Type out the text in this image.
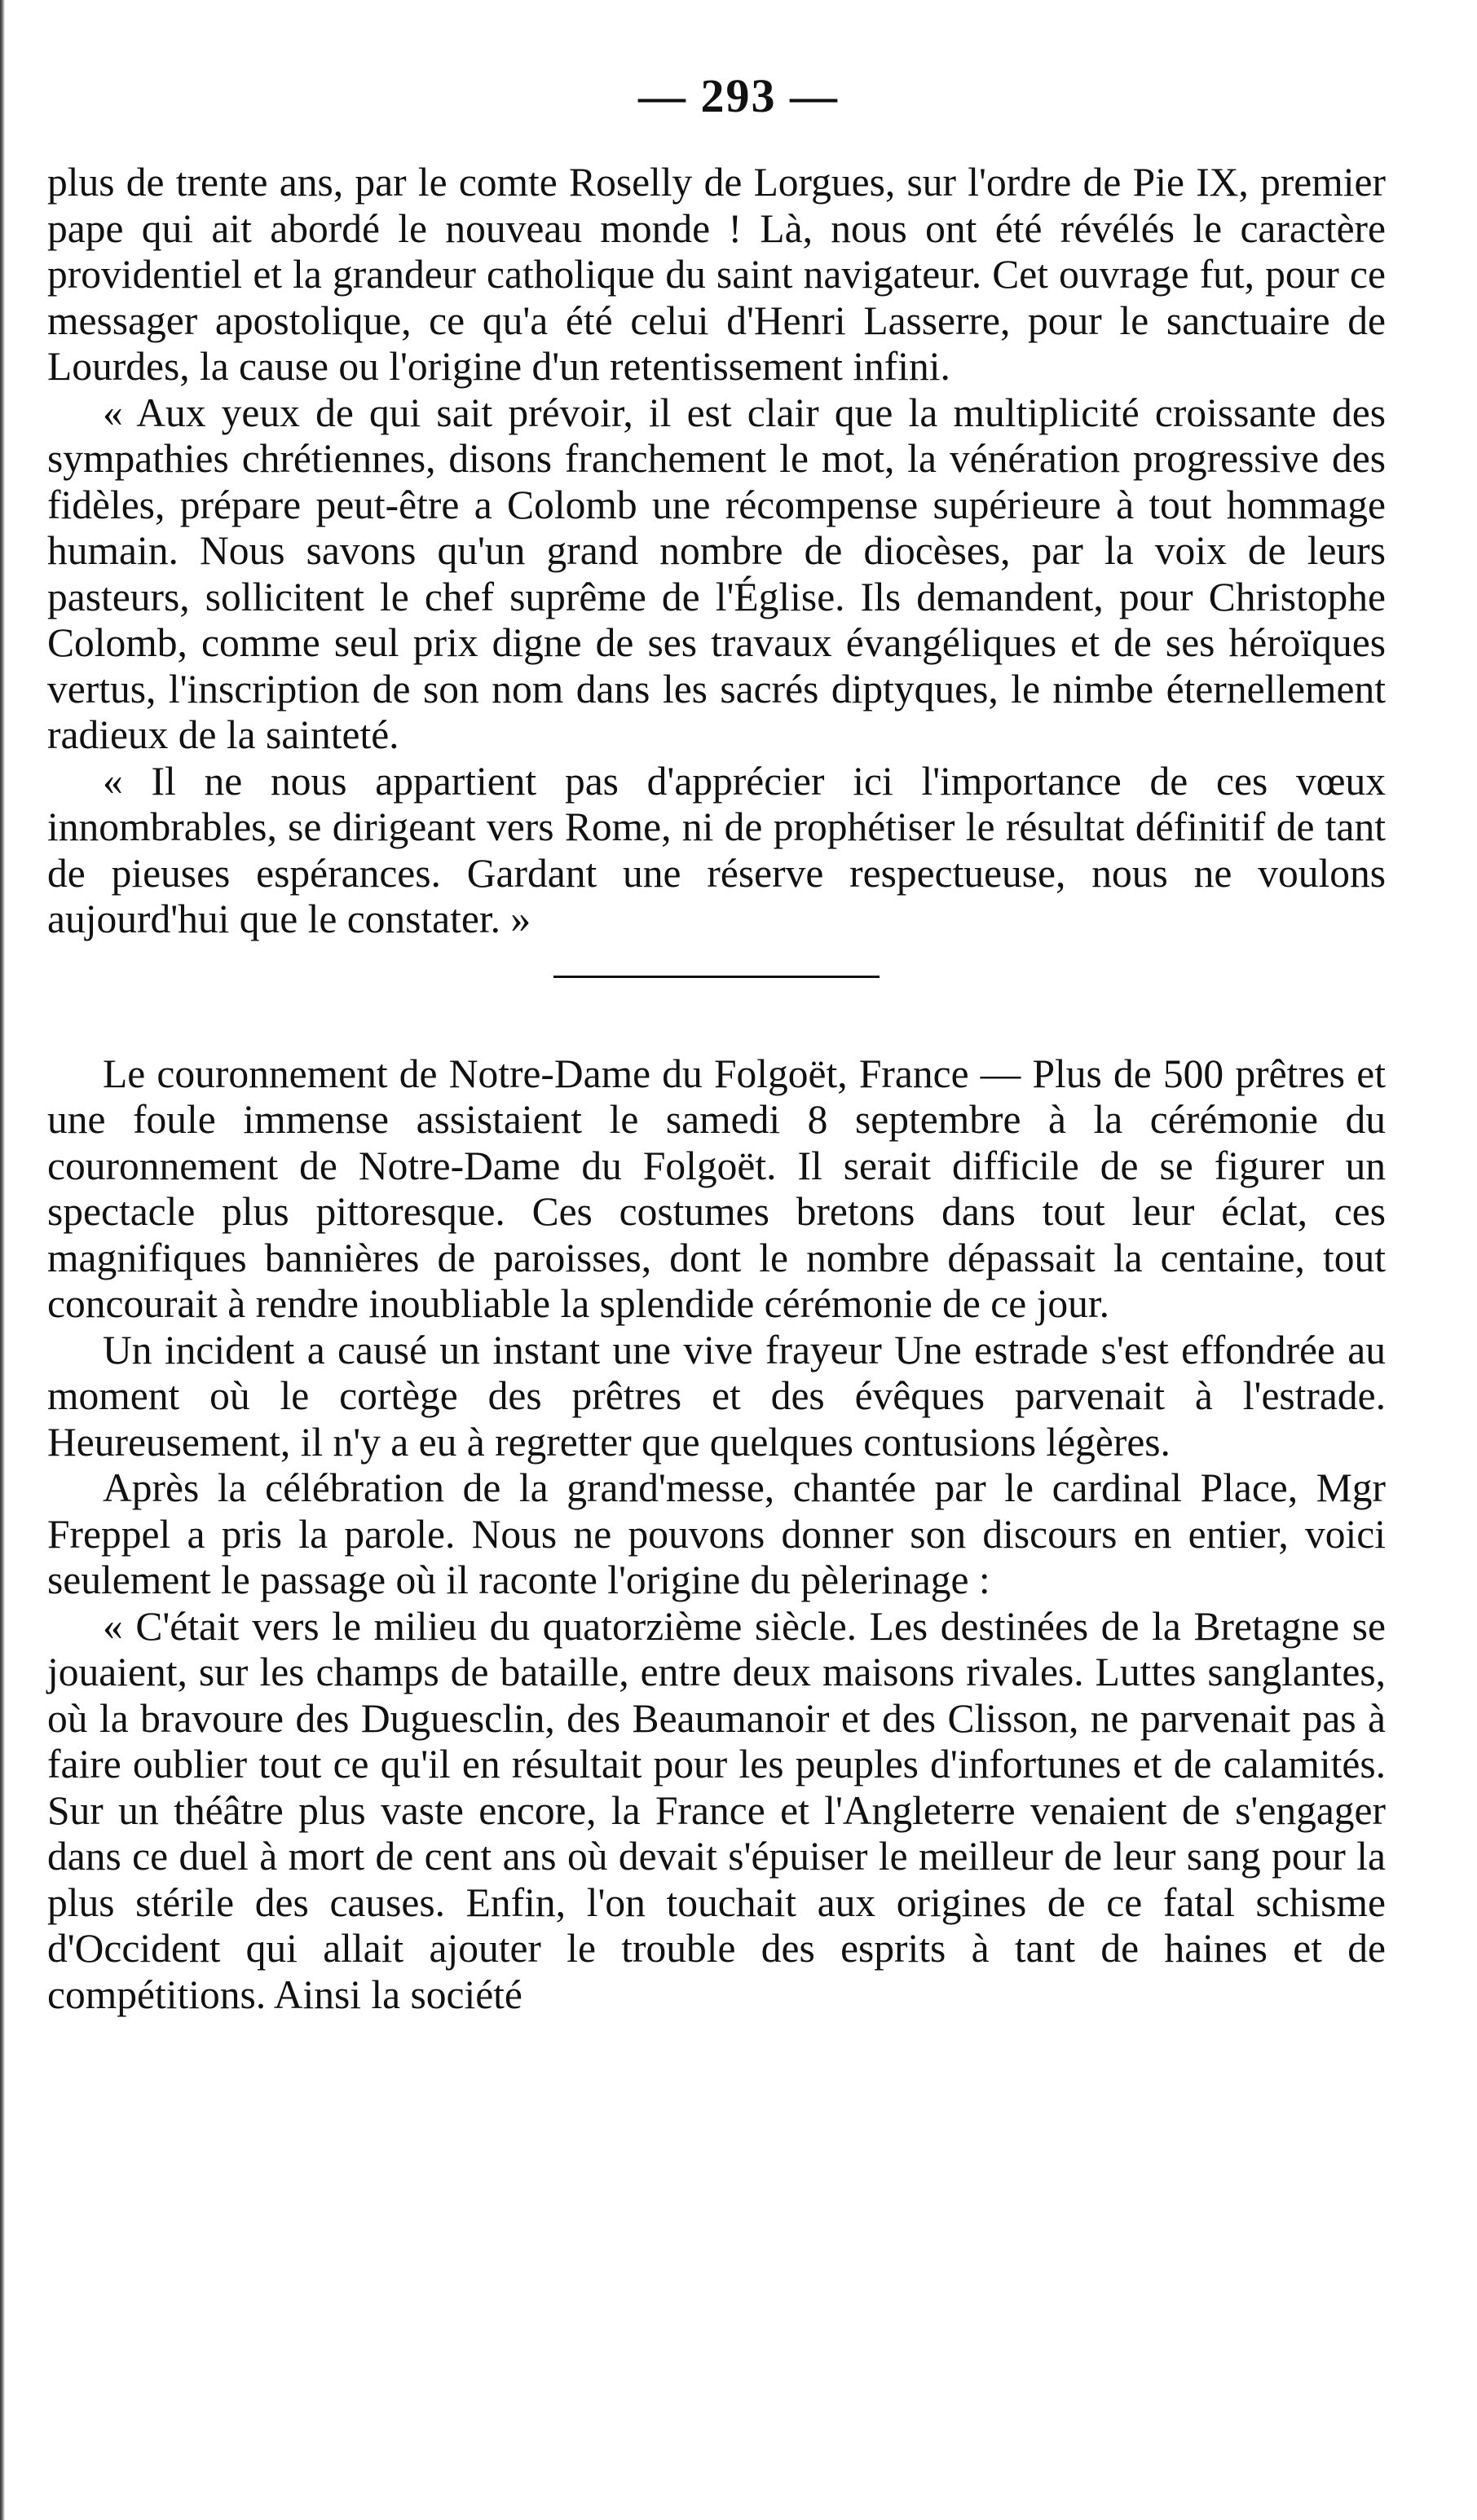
— 293 —

plus de trente ans, par le comte Roselly de Lorgues, sur l'ordre de Pie IX, premier pape qui ait abordé le nouveau monde ! Là, nous ont été révélés le caractère providentiel et la grandeur catholique du saint navigateur. Cet ouvrage fut, pour ce messager apostolique, ce qu'a été celui d'Henri Lasserre, pour le sanctuaire de Lourdes, la cause ou l'origine d'un retentissement infini.

« Aux yeux de qui sait prévoir, il est clair que la multiplicité croissante des sympathies chrétiennes, disons franchement le mot, la vénération progressive des fidèles, prépare peut-être a Colomb une récompense supérieure à tout hommage humain. Nous savons qu'un grand nombre de diocèses, par la voix de leurs pasteurs, sollicitent le chef suprême de l'Église. Ils demandent, pour Christophe Colomb, comme seul prix digne de ses travaux évangéliques et de ses héroïques vertus, l'inscription de son nom dans les sacrés diptyques, le nimbe éternellement radieux de la sainteté.

« Il ne nous appartient pas d'apprécier ici l'importance de ces vœux innombrables, se dirigeant vers Rome, ni de prophétiser le résultat définitif de tant de pieuses espérances. Gardant une réserve respectueuse, nous ne voulons aujourd'hui que le constater. »

Le couronnement de Notre-Dame du Folgoët, France — Plus de 500 prêtres et une foule immense assistaient le samedi 8 septembre à la cérémonie du couronnement de Notre-Dame du Folgoët. Il serait difficile de se figurer un spectacle plus pittoresque. Ces costumes bretons dans tout leur éclat, ces magnifiques bannières de paroisses, dont le nombre dépassait la centaine, tout concourait à rendre inoubliable la splendide cérémonie de ce jour.

Un incident a causé un instant une vive frayeur Une estrade s'est effondrée au moment où le cortège des prêtres et des évêques parvenait à l'estrade. Heureusement, il n'y a eu à regretter que quelques contusions légères.

Après la célébration de la grand'messe, chantée par le cardinal Place, Mgr Freppel a pris la parole. Nous ne pouvons donner son discours en entier, voici seulement le passage où il raconte l'origine du pèlerinage :

« C'était vers le milieu du quatorzième siècle. Les destinées de la Bretagne se jouaient, sur les champs de bataille, entre deux maisons rivales. Luttes sanglantes, où la bravoure des Duguesclin, des Beaumanoir et des Clisson, ne parvenait pas à faire oublier tout ce qu'il en résultait pour les peuples d'infortunes et de calamités. Sur un théâtre plus vaste encore, la France et l'Angleterre venaient de s'engager dans ce duel à mort de cent ans où devait s'épuiser le meilleur de leur sang pour la plus stérile des causes. Enfin, l'on touchait aux origines de ce fatal schisme d'Occident qui allait ajouter le trouble des esprits à tant de haines et de compétitions. Ainsi la société
